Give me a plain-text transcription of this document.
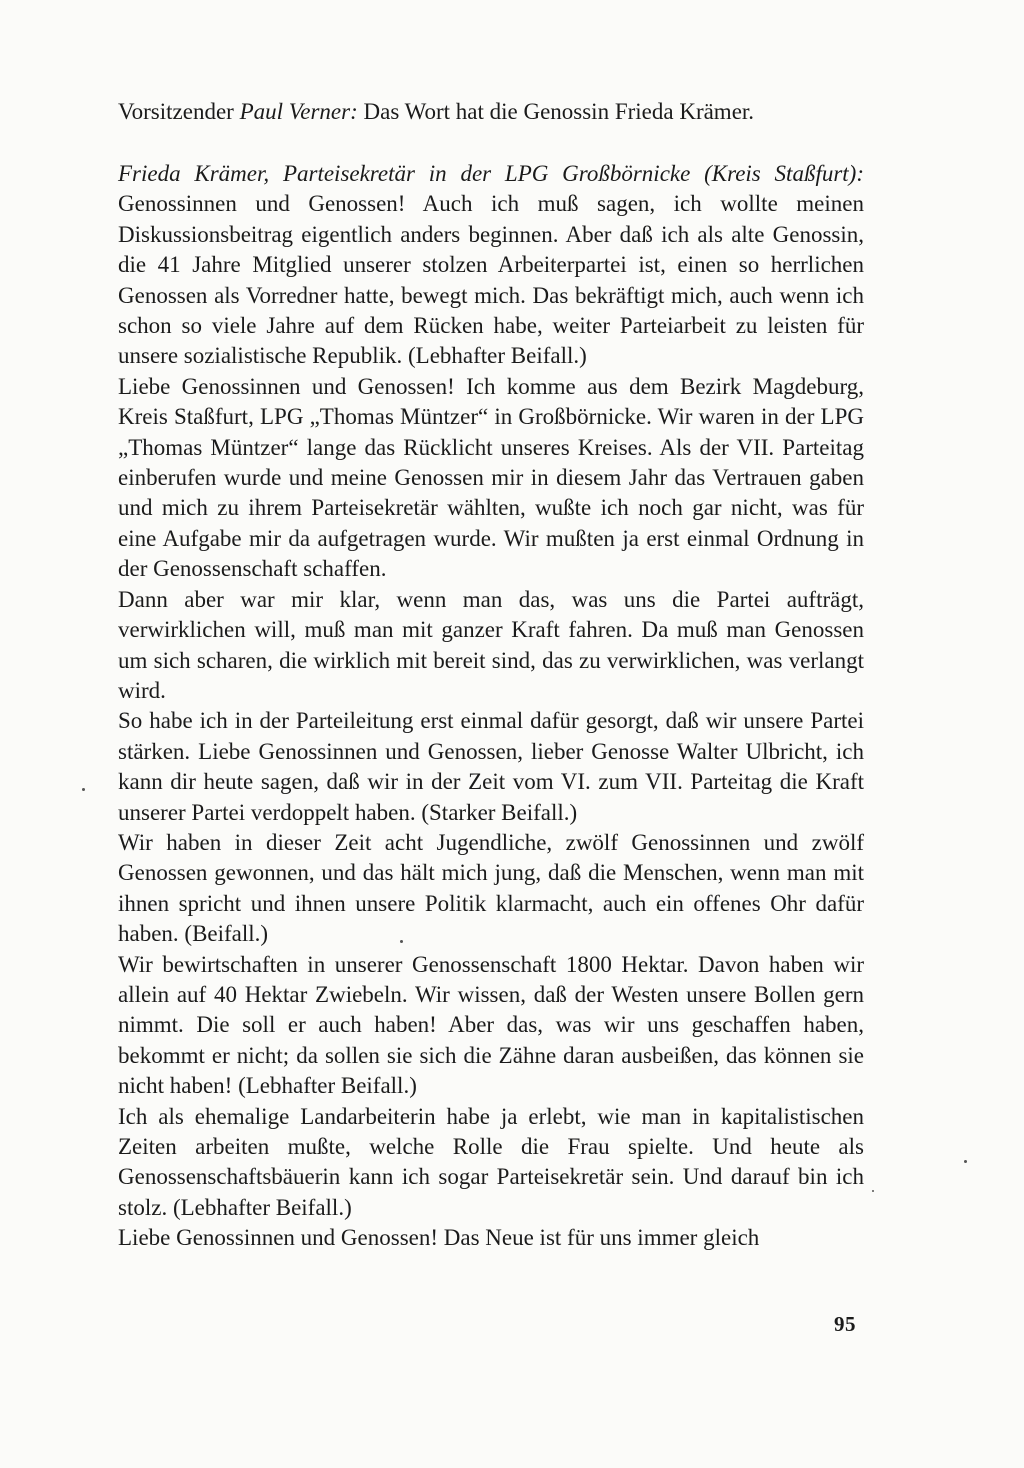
Vorsitzender Paul Verner: Das Wort hat die Genossin Frieda Krämer.

Frieda Krämer, Parteisekretär in der LPG Großbörnicke (Kreis Staßfurt): Genossinnen und Genossen! Auch ich muß sagen, ich wollte meinen Diskussionsbeitrag eigentlich anders beginnen. Aber daß ich als alte Genossin, die 41 Jahre Mitglied unserer stolzen Arbeiterpartei ist, einen so herrlichen Genossen als Vorredner hatte, bewegt mich. Das bekräftigt mich, auch wenn ich schon so viele Jahre auf dem Rücken habe, weiter Parteiarbeit zu leisten für unsere sozialistische Republik. (Lebhafter Beifall.)

Liebe Genossinnen und Genossen! Ich komme aus dem Bezirk Magdeburg, Kreis Staßfurt, LPG „Thomas Müntzer“ in Großbörnicke. Wir waren in der LPG „Thomas Müntzer“ lange das Rücklicht unseres Kreises. Als der VII. Parteitag einberufen wurde und meine Genossen mir in diesem Jahr das Vertrauen gaben und mich zu ihrem Parteisekretär wählten, wußte ich noch gar nicht, was für eine Aufgabe mir da aufgetragen wurde. Wir mußten ja erst einmal Ordnung in der Genossenschaft schaffen.

Dann aber war mir klar, wenn man das, was uns die Partei aufträgt, verwirklichen will, muß man mit ganzer Kraft fahren. Da muß man Genossen um sich scharen, die wirklich mit bereit sind, das zu verwirklichen, was verlangt wird.

So habe ich in der Parteileitung erst einmal dafür gesorgt, daß wir unsere Partei stärken. Liebe Genossinnen und Genossen, lieber Genosse Walter Ulbricht, ich kann dir heute sagen, daß wir in der Zeit vom VI. zum VII. Parteitag die Kraft unserer Partei verdoppelt haben. (Starker Beifall.)

Wir haben in dieser Zeit acht Jugendliche, zwölf Genossinnen und zwölf Genossen gewonnen, und das hält mich jung, daß die Menschen, wenn man mit ihnen spricht und ihnen unsere Politik klarmacht, auch ein offenes Ohr dafür haben. (Beifall.)

Wir bewirtschaften in unserer Genossenschaft 1800 Hektar. Davon haben wir allein auf 40 Hektar Zwiebeln. Wir wissen, daß der Westen unsere Bollen gern nimmt. Die soll er auch haben! Aber das, was wir uns geschaffen haben, bekommt er nicht; da sollen sie sich die Zähne daran ausbeißen, das können sie nicht haben! (Lebhafter Beifall.)

Ich als ehemalige Landarbeiterin habe ja erlebt, wie man in kapitalistischen Zeiten arbeiten mußte, welche Rolle die Frau spielte. Und heute als Genossenschaftsbäuerin kann ich sogar Parteisekretär sein. Und darauf bin ich stolz. (Lebhafter Beifall.)

Liebe Genossinnen und Genossen! Das Neue ist für uns immer gleich

95
